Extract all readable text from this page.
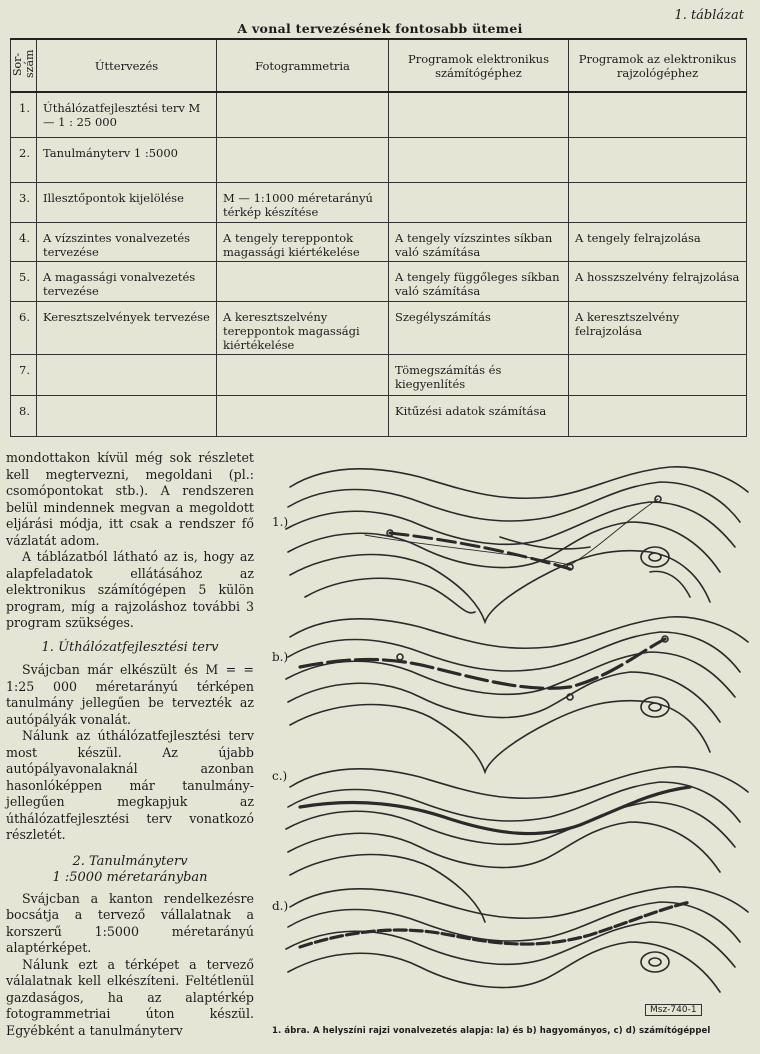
1. táblázat
A vonal tervezésének fontosabb ütemei
Sor-szám	Úttervezés	Fotogrammetria	Programok elektronikus számítógéphez	Programok az elektronikus rajzológéphez
1.	Úthálózatfejlesztési terv M — 1 : 25 000			
2.	Tanulmányterv 1 :5000			
3.	Illesztőpontok kijelölése	M — 1:1000 méretarányú térkép készítése		
4.	A vízszintes vonalvezetés tervezése	A tengely tereppontok magassági kiértékelése	A tengely vízszintes síkban való számítása	A tengely felrajzolása
5.	A magassági vonalvezetés tervezése		A tengely függőleges síkban való számítása	A hosszszelvény felrajzolása
6.	Keresztszelvények tervezése	A keresztszelvény tereppontok magassági kiértékelése	Szegélyszámítás	A keresztszelvény felrajzolása
7.			Tömegszámítás és kiegyenlítés	
8.			Kitűzési adatok számítása	

mondottakon kívül még sok részletet kell megtervezni, megoldani (pl.: csomópontokat stb.). A rendszeren belül mindennek megvan a megoldott eljárási módja, itt csak a rendszer fő vázlatát adom.

A táblázatból látható az is, hogy az alapfeladatok ellátásához az elektronikus számítógépen 5 külön program, míg a rajzoláshoz további 3 program szükséges.

1. Úthálózatfejlesztési terv

Svájcban már elkészült és M = = 1:25 000 méretarányú térképen tanulmány jellegűen be tervezték az autópályák vonalát.

Nálunk az úthálózatfejlesztési terv most készül. Az újabb autópályavonalaknál azonban hasonlóképpen már tanulmány-jellegűen megkapjuk az úthálózatfejlesztési terv vonatkozó részletét.

2. Tanulmányterv
1 :5000 méretarányban

Svájcban a kanton rendelkezésre bocsátja a tervező vállalatnak a korszerű 1:5000 méretarányú alaptérképet.

Nálunk ezt a térképet a tervező válalatnak kell elkészíteni. Feltétlenül gazdaságos, ha az alaptérkép fotogrammetriai úton készül. Egyébként a tanulmányterv

1.)
b.)
c.)
d.)
Msz-740-1
1. ábra. A helyszíni rajzi vonalvezetés alapja: la) és b) hagyományos, c) d) számítógéppel
